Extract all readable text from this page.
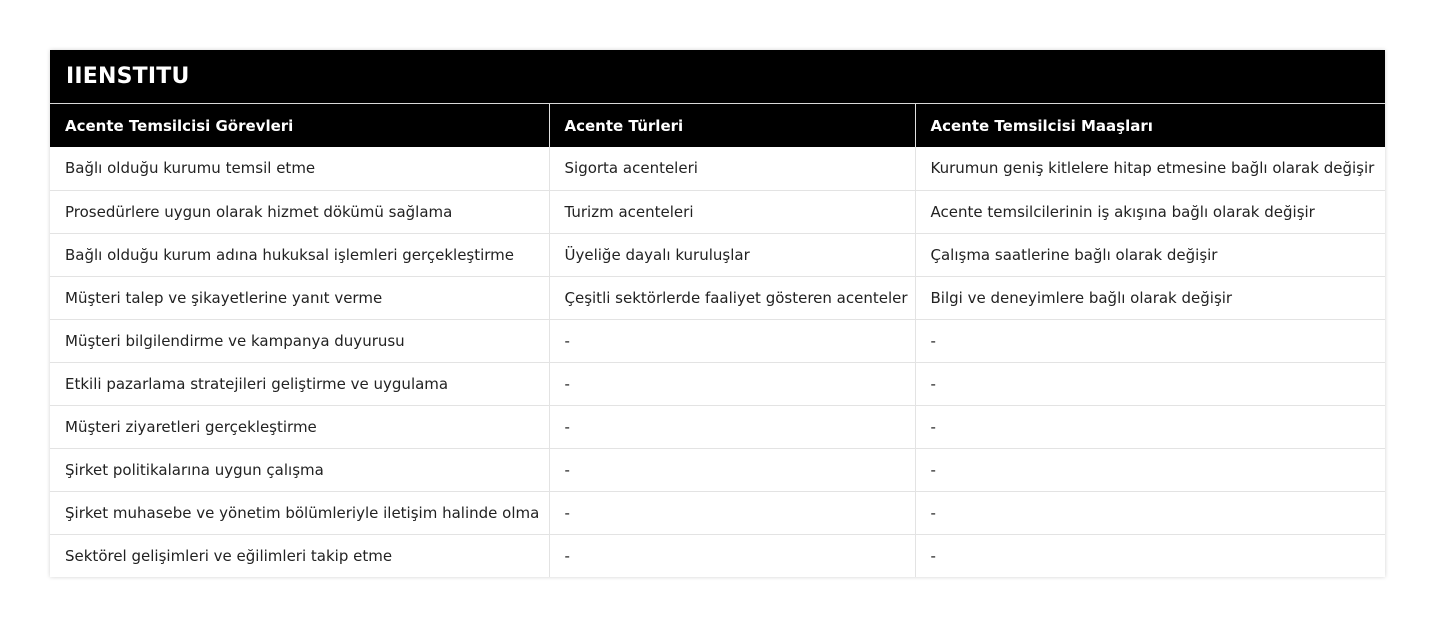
IIENSTITU
Acente Temsilcisi Görevleri	Acente Türleri	Acente Temsilcisi Maaşları
Bağlı olduğu kurumu temsil etme	Sigorta acenteleri	Kurumun geniş kitlelere hitap etmesine bağlı olarak değişir
Prosedürlere uygun olarak hizmet dökümü sağlama	Turizm acenteleri	Acente temsilcilerinin iş akışına bağlı olarak değişir
Bağlı olduğu kurum adına hukuksal işlemleri gerçekleştirme	Üyeliğe dayalı kuruluşlar	Çalışma saatlerine bağlı olarak değişir
Müşteri talep ve şikayetlerine yanıt verme	Çeşitli sektörlerde faaliyet gösteren acenteler	Bilgi ve deneyimlere bağlı olarak değişir
Müşteri bilgilendirme ve kampanya duyurusu	-	-
Etkili pazarlama stratejileri geliştirme ve uygulama	-	-
Müşteri ziyaretleri gerçekleştirme	-	-
Şirket politikalarına uygun çalışma	-	-
Şirket muhasebe ve yönetim bölümleriyle iletişim halinde olma	-	-
Sektörel gelişimleri ve eğilimleri takip etme	-	-
